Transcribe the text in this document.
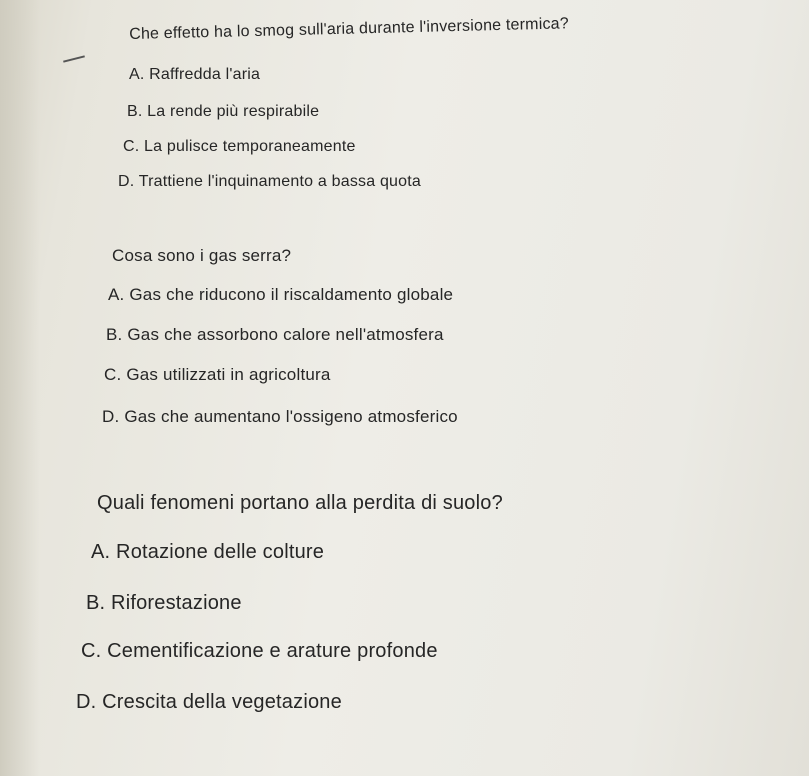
Che effetto ha lo smog sull'aria durante l'inversione termica?
A. Raffredda l'aria
B. La rende più respirabile
C. La pulisce temporaneamente
D. Trattiene l'inquinamento a bassa quota
Cosa sono i gas serra?
A. Gas che riducono il riscaldamento globale
B. Gas che assorbono calore nell'atmosfera
C. Gas utilizzati in agricoltura
D. Gas che aumentano l'ossigeno atmosferico
Quali fenomeni portano alla perdita di suolo?
A. Rotazione delle colture
B. Riforestazione
C. Cementificazione e arature profonde
D. Crescita della vegetazione
